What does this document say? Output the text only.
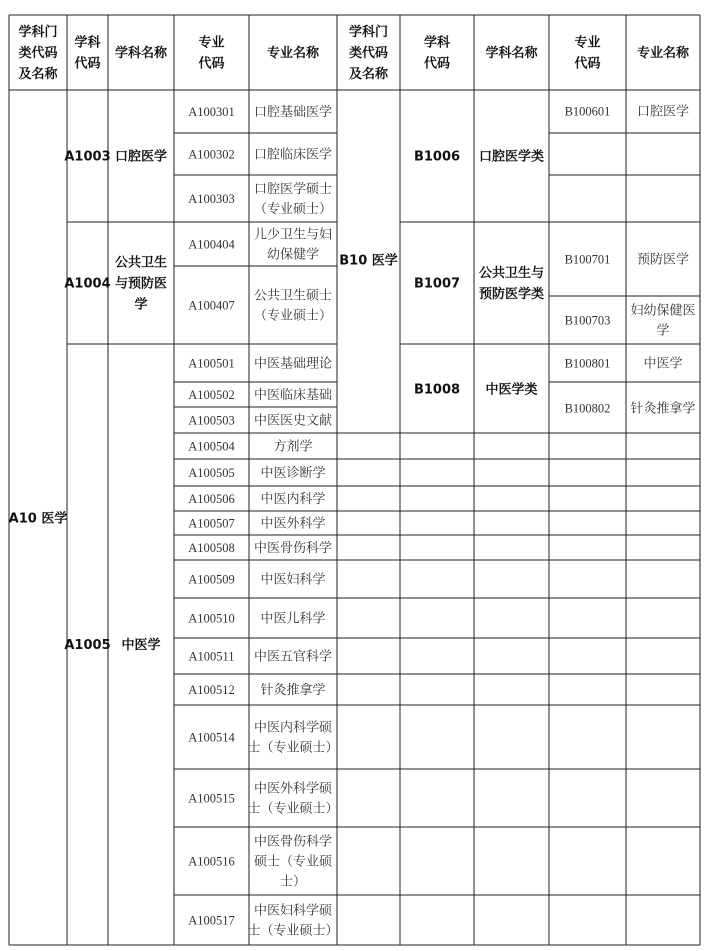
学科门类代码及名称
学科代码
学科名称
专业代码
专业名称
学科门类代码及名称
学科代码
学科名称
专业代码
专业名称
A10 医学
B10 医学
A1003 口腔医学
A1004
公共卫生与预防医学
A1005 中医学
A100301 口腔基础医学
A100302 口腔临床医学
A100303
口腔医学硕士（专业硕士）
A100404
儿少卫生与妇幼保健学
A100407
公共卫生硕士（专业硕士）
A100501 中医基础理论
A100502 中医临床基础
A100503 中医医史文献
A100504	方剂学
A100505 中医诊断学
A100506 中医内科学
A100507 中医外科学
A100508 中医骨伤科学
A100509 中医妇科学
A100510 中医儿科学
A100511 中医五官科学
A100512 针灸推拿学
A100514
中医内科学硕士（专业硕士）
A100515
中医外科学硕士（专业硕士）
A100516
中医骨伤科学硕士（专业硕士）
A100517
中医妇科学硕士（专业硕士）
B1006 口腔医学类
B1007
公共卫生与预防医学类
B1008 中医学类
B100601 口腔医学
B100701 预防医学
B100703
妇幼保健医学
B100801	中医学
B100802 针灸推拿学
